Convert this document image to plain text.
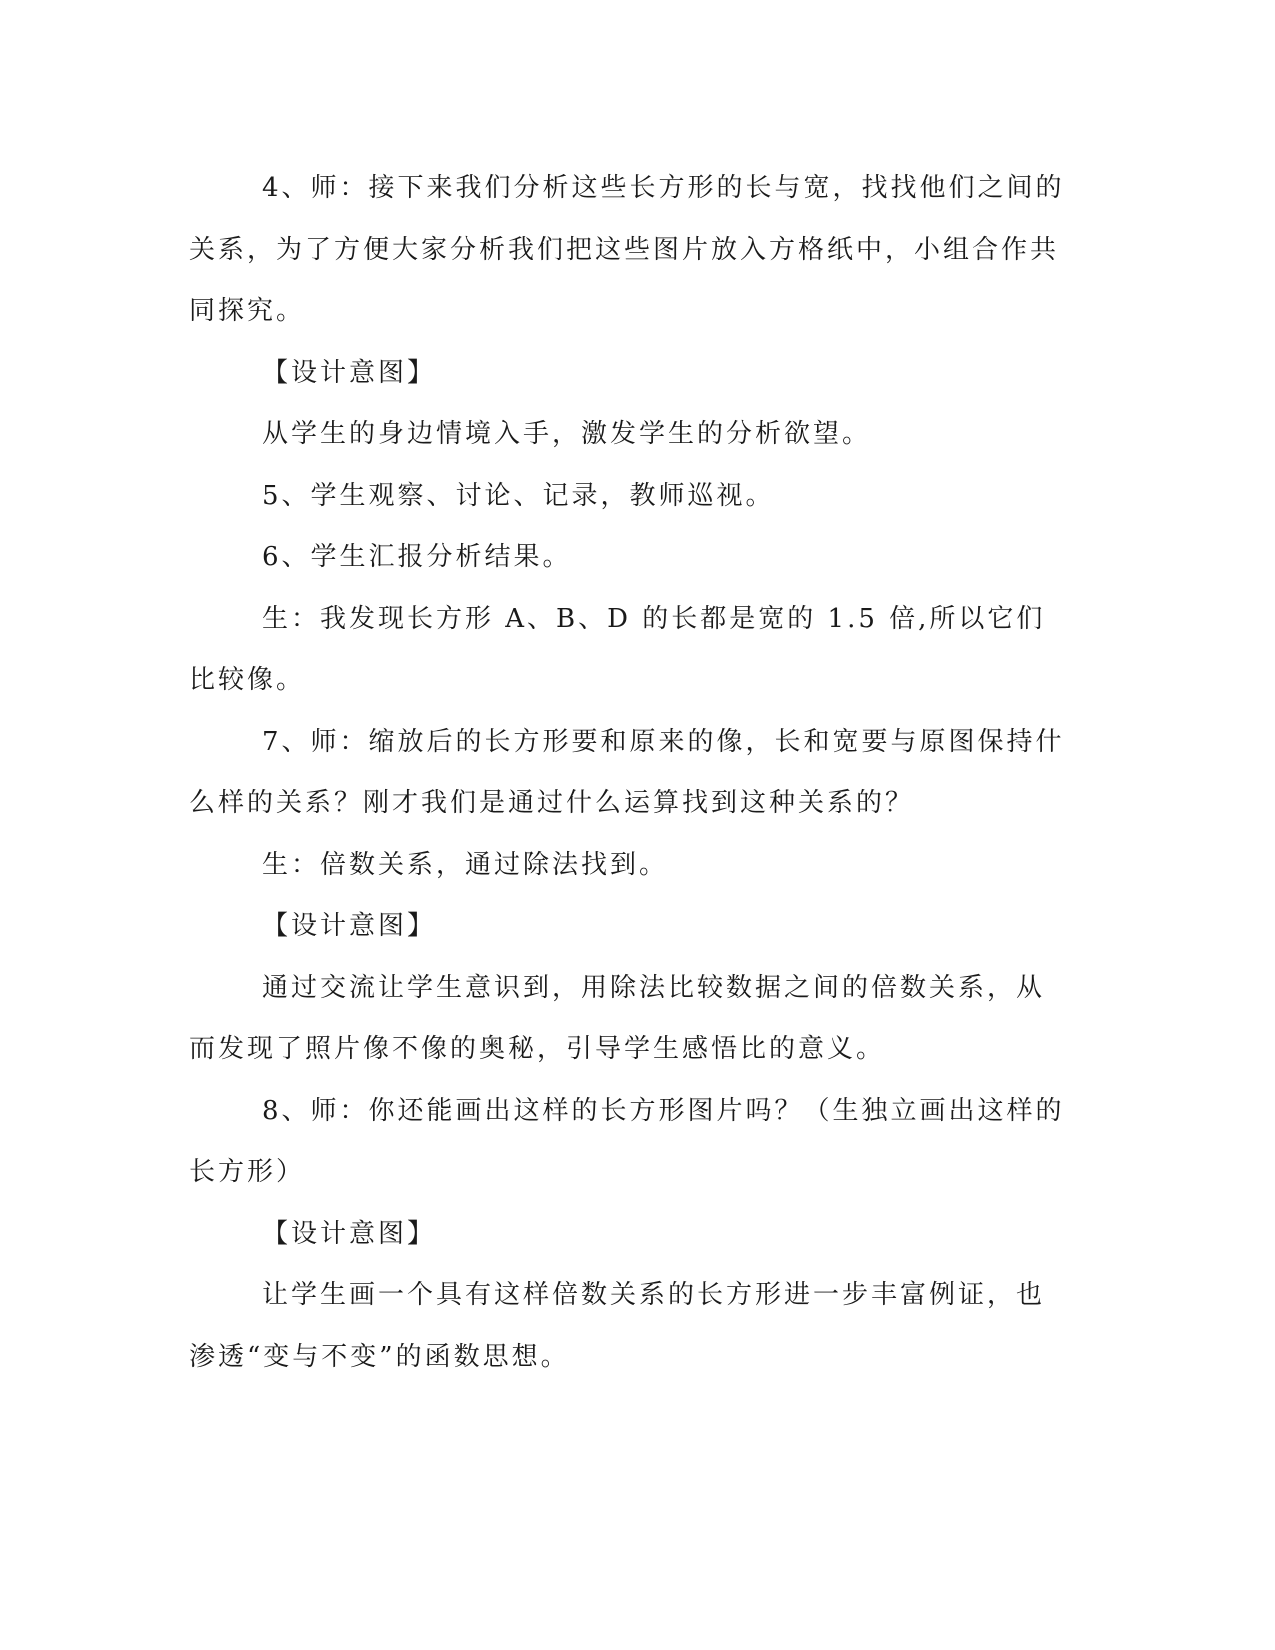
4、师：接下来我们分析这些长方形的长与宽，找找他们之间的关系，为了方便大家分析我们把这些图片放入方格纸中，小组合作共同探究。

【设计意图】

从学生的身边情境入手，激发学生的分析欲望。

5、学生观察、讨论、记录，教师巡视。

6、学生汇报分析结果。

生：我发现长方形 A、B、D 的长都是宽的 1.5 倍,所以它们比较像。

7、师：缩放后的长方形要和原来的像，长和宽要与原图保持什么样的关系？刚才我们是通过什么运算找到这种关系的？

生：倍数关系，通过除法找到。

【设计意图】

通过交流让学生意识到，用除法比较数据之间的倍数关系，从而发现了照片像不像的奥秘，引导学生感悟比的意义。

8、师：你还能画出这样的长方形图片吗？（生独立画出这样的长方形）

【设计意图】

让学生画一个具有这样倍数关系的长方形进一步丰富例证，也渗透“变与不变”的函数思想。
